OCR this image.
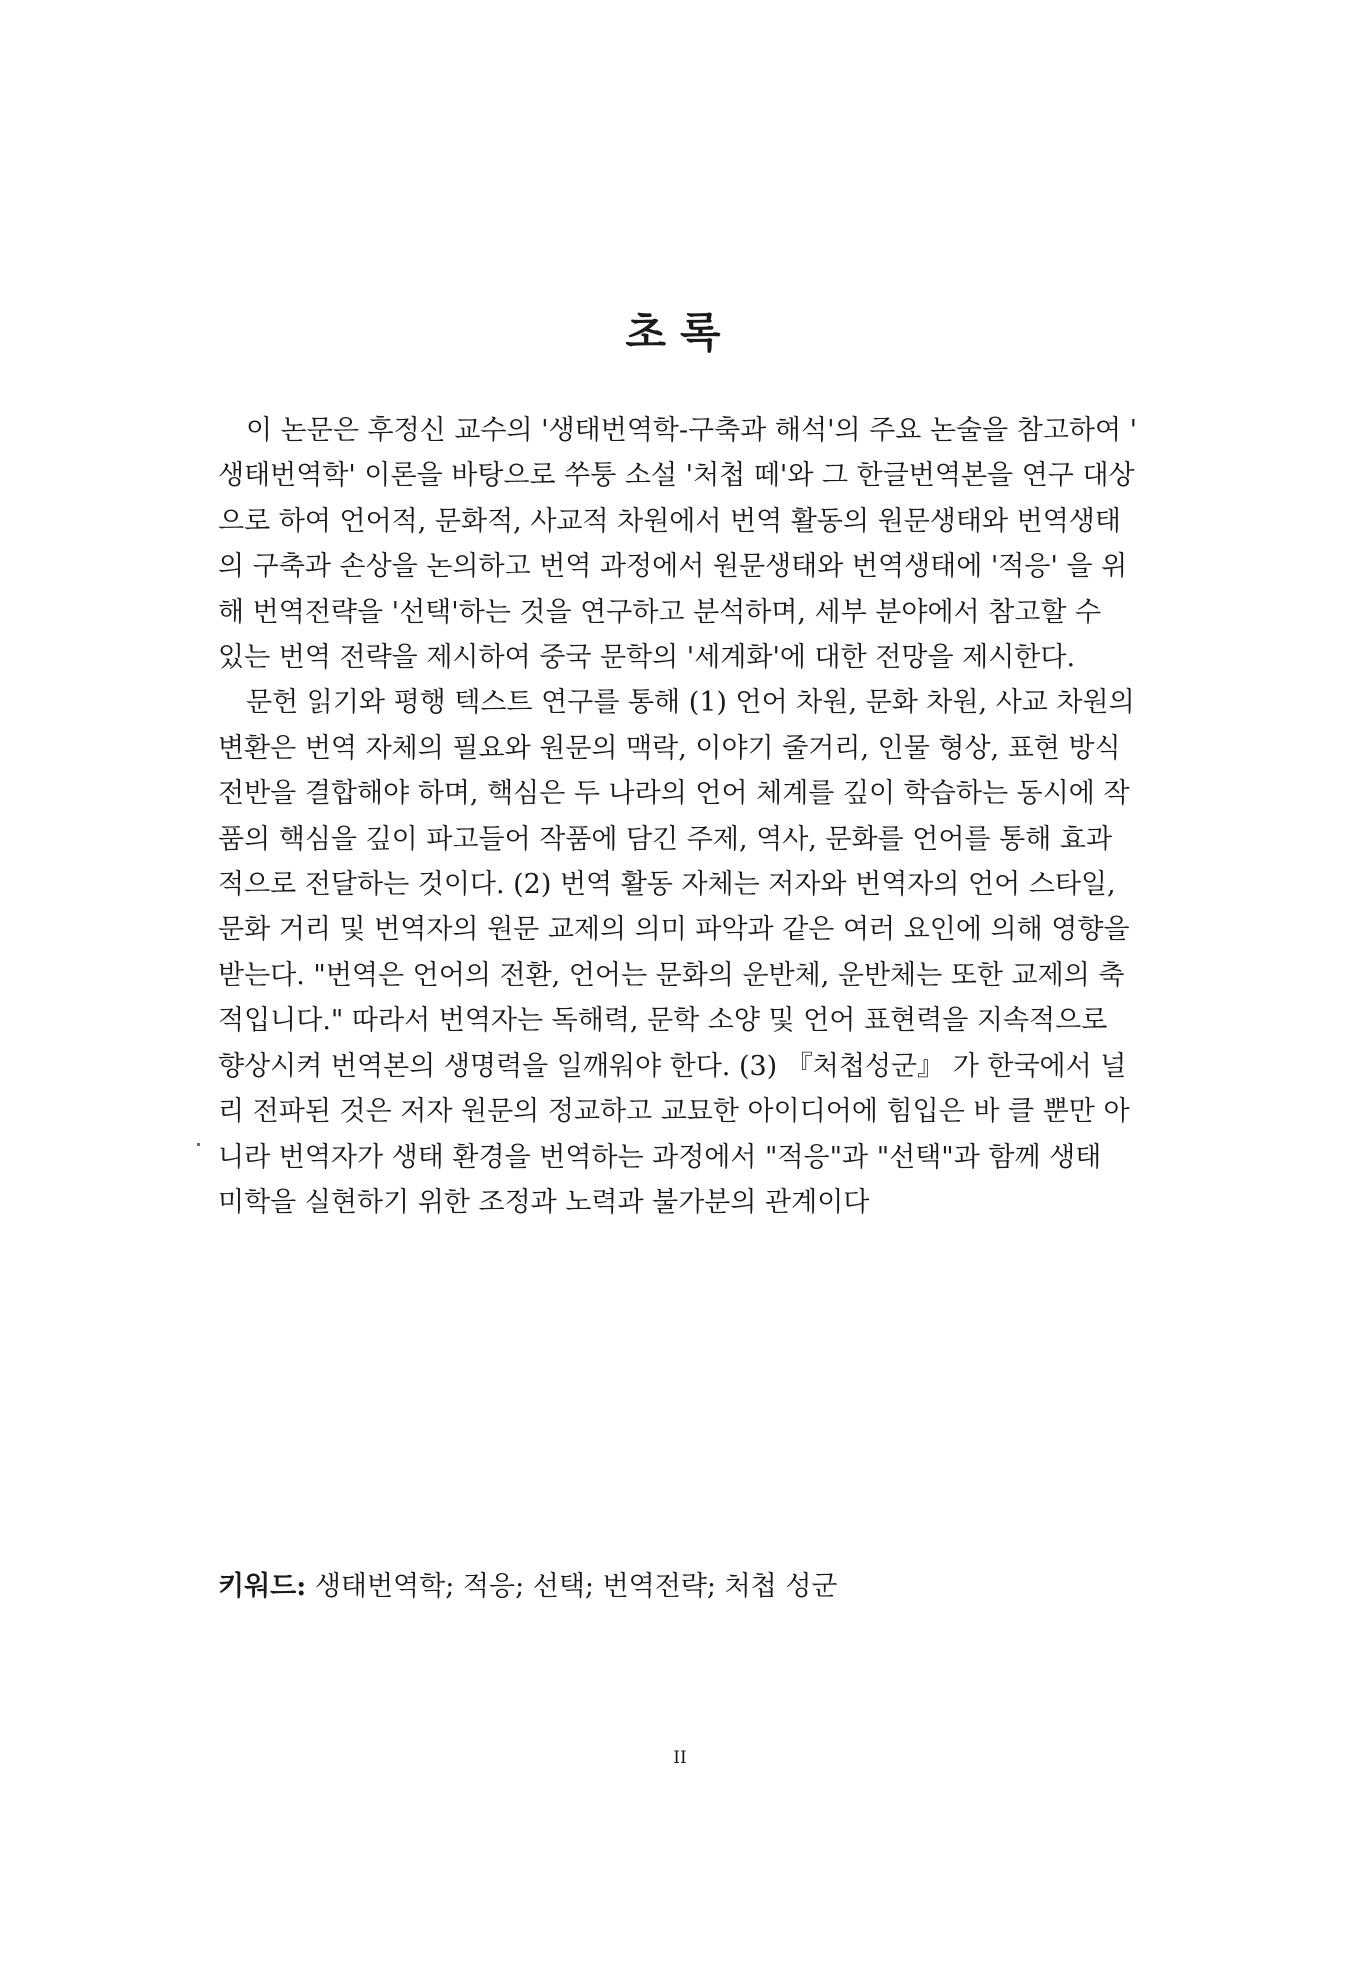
초록

이 논문은 후정신 교수의 '생태번역학-구축과 해석'의 주요 논술을 참고하여 '
생태번역학' 이론을 바탕으로 쑤퉁 소설 '처첩 떼'와 그 한글번역본을 연구 대상
으로 하여 언어적, 문화적, 사교적 차원에서 번역 활동의 원문생태와 번역생태
의 구축과 손상을 논의하고 번역 과정에서 원문생태와 번역생태에 '적응' 을 위
해 번역전략을 '선택'하는 것을 연구하고 분석하며, 세부 분야에서 참고할 수
있는 번역 전략을 제시하여 중국 문학의 '세계화'에 대한 전망을 제시한다.

문헌 읽기와 평행 텍스트 연구를 통해 (1) 언어 차원, 문화 차원, 사교 차원의
변환은 번역 자체의 필요와 원문의 맥락, 이야기 줄거리, 인물 형상, 표현 방식
전반을 결합해야 하며, 핵심은 두 나라의 언어 체계를 깊이 학습하는 동시에 작
품의 핵심을 깊이 파고들어 작품에 담긴 주제, 역사, 문화를 언어를 통해 효과
적으로 전달하는 것이다. (2) 번역 활동 자체는 저자와 번역자의 언어 스타일,
문화 거리 및 번역자의 원문 교제의 의미 파악과 같은 여러 요인에 의해 영향을
받는다. "번역은 언어의 전환, 언어는 문화의 운반체, 운반체는 또한 교제의 축
적입니다." 따라서 번역자는 독해력, 문학 소양 및 언어 표현력을 지속적으로
향상시켜 번역본의 생명력을 일깨워야 한다. (3) 『처첩성군』 가 한국에서 널
리 전파된 것은 저자 원문의 정교하고 교묘한 아이디어에 힘입은 바 클 뿐만 아
니라 번역자가 생태 환경을 번역하는 과정에서 "적응"과 "선택"과 함께 생태
미학을 실현하기 위한 조정과 노력과 불가분의 관계이다

키워드: 생태번역학; 적응; 선택; 번역전략; 처첩 성군
II
